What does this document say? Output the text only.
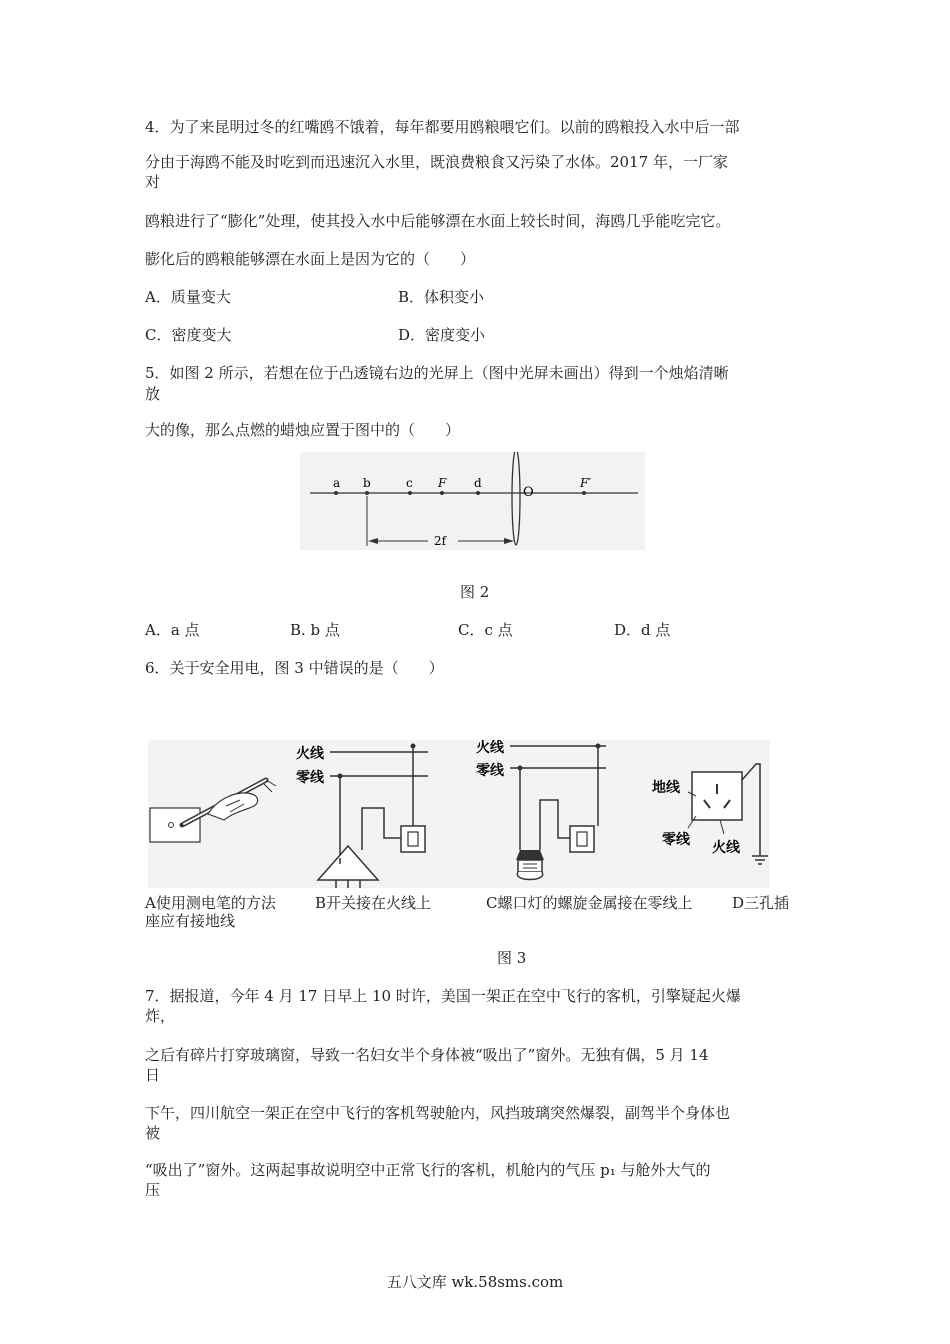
4．为了来昆明过冬的红嘴鸥不饿着，每年都要用鸥粮喂它们。以前的鸥粮投入水中后一部
分由于海鸥不能及时吃到而迅速沉入水里，既浪费粮食又污染了水体。2017 年，一厂家
对
鸥粮进行了“膨化”处理，使其投入水中后能够漂在水面上较长时间，海鸥几乎能吃完它。
膨化后的鸥粮能够漂在水面上是因为它的（　　）
A．质量变大	B．体积变小
C．密度变大	D．密度变小
5．如图 2 所示，若想在位于凸透镜右边的光屏上（图中光屏未画出）得到一个烛焰清晰
放
大的像，那么点燃的蜡烛应置于图中的（　　）
a b	c F d
O
F′
2f
图 2
A．a 点	B. b 点	C．c 点	D．d 点
6．关于安全用电，图 3 中错误的是（　　）
火线
零线
火线
零线
地线
零线 火线
A使用测电笔的方法	B开关接在火线上	C螺口灯的螺旋金属接在零线上	D三孔插
座应有接地线
图 3
7．据报道，今年 4 月 17 日早上 10 时许，美国一架正在空中飞行的客机，引擎疑起火爆
炸，
之后有碎片打穿玻璃窗，导致一名妇女半个身体被“吸出了”窗外。无独有偶，5 月 14
日
下午，四川航空一架正在空中飞行的客机驾驶舱内，风挡玻璃突然爆裂，副驾半个身体也
被
“吸出了”窗外。这两起事故说明空中正常飞行的客机，机舱内的气压 p₁ 与舱外大气的
压
五八文库 wk.58sms.com
